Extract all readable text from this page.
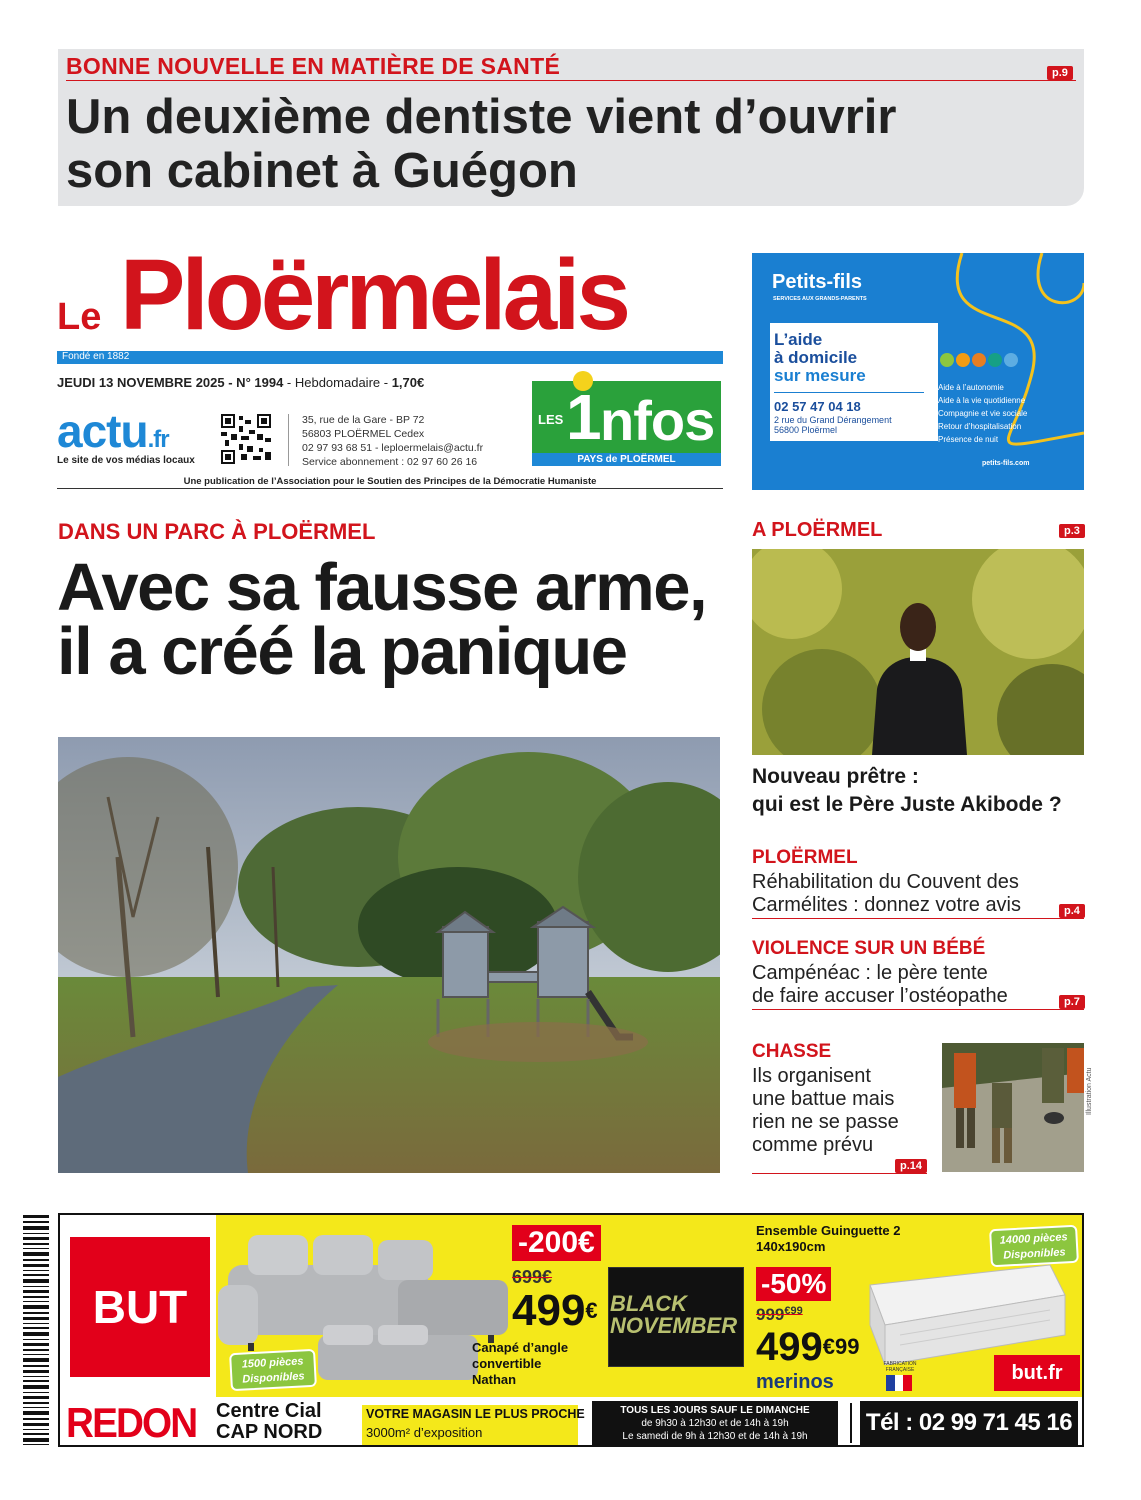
BONNE NOUVELLE EN MATIÈRE DE SANTÉ	p.9
Un deuxième dentiste vient d’ouvrir
son cabinet à Guégon
Le Ploërmelais
Fondé en 1882
JEUDI 13 NOVEMBRE 2025 - N° 1994 - Hebdomadaire - 1,70€
actu.fr
Le site de vos médias locaux
35, rue de la Gare - BP 72
56803 PLOËRMEL Cedex
02 97 93 68 51 - leploermelais@actu.fr
Service abonnement : 02 97 60 26 16
LES 1
nfos
PAYS de PLOËRMEL
Une publication de l’Association pour le Soutien des Principes de la Démocratie Humaniste
Petits-fils
SERVICES AUX GRANDS-PARENTS
L’aide
à domicile
sur mesure
02 57 47 04 18
2 rue du Grand Dérangement
56800 Ploërmel
Aide à l’autonomie
Aide à la vie quotidienne
Compagnie et vie sociale
Retour d’hospitalisation
Présence de nuit
petits-fils.com
DANS UN PARC À PLOËRMEL
Avec sa fausse arme,
il a créé la panique
A PLOËRMEL	p.3
Nouveau prêtre :
qui est le Père Juste Akibode ?
PLOËRMEL
Réhabilitation du Couvent des
Carmélites : donnez votre avis	p.4
VIOLENCE SUR UN BÉBÉ
Campénéac : le père tente
de faire accuser l’ostéopathe	p.7
CHASSE
Ils organisent
une battue mais
rien ne se passe
comme prévu
p.14
Illustration Actu
BUT
1500 pièces
Disponibles
-200€
699€
499€
Canapé d’angle
convertible
Nathan
BLACK
NOVEMBER
Ensemble Guinguette 2
140x190cm	14000 pièces
Disponibles
-50%
$999^{€99}$
$499^{€99}$
merinos
FABRICATION FRANÇAISE	but.fr
REDON Centre Cial
CAP NORD
VOTRE MAGASIN LE PLUS PROCHE
3000m² d’exposition
TOUS LES JOURS SAUF LE DIMANCHE
de 9h30 à 12h30 et de 14h à 19h
Le samedi de 9h à 12h30 et de 14h à 19h
Tél : 02 99 71 45 16
